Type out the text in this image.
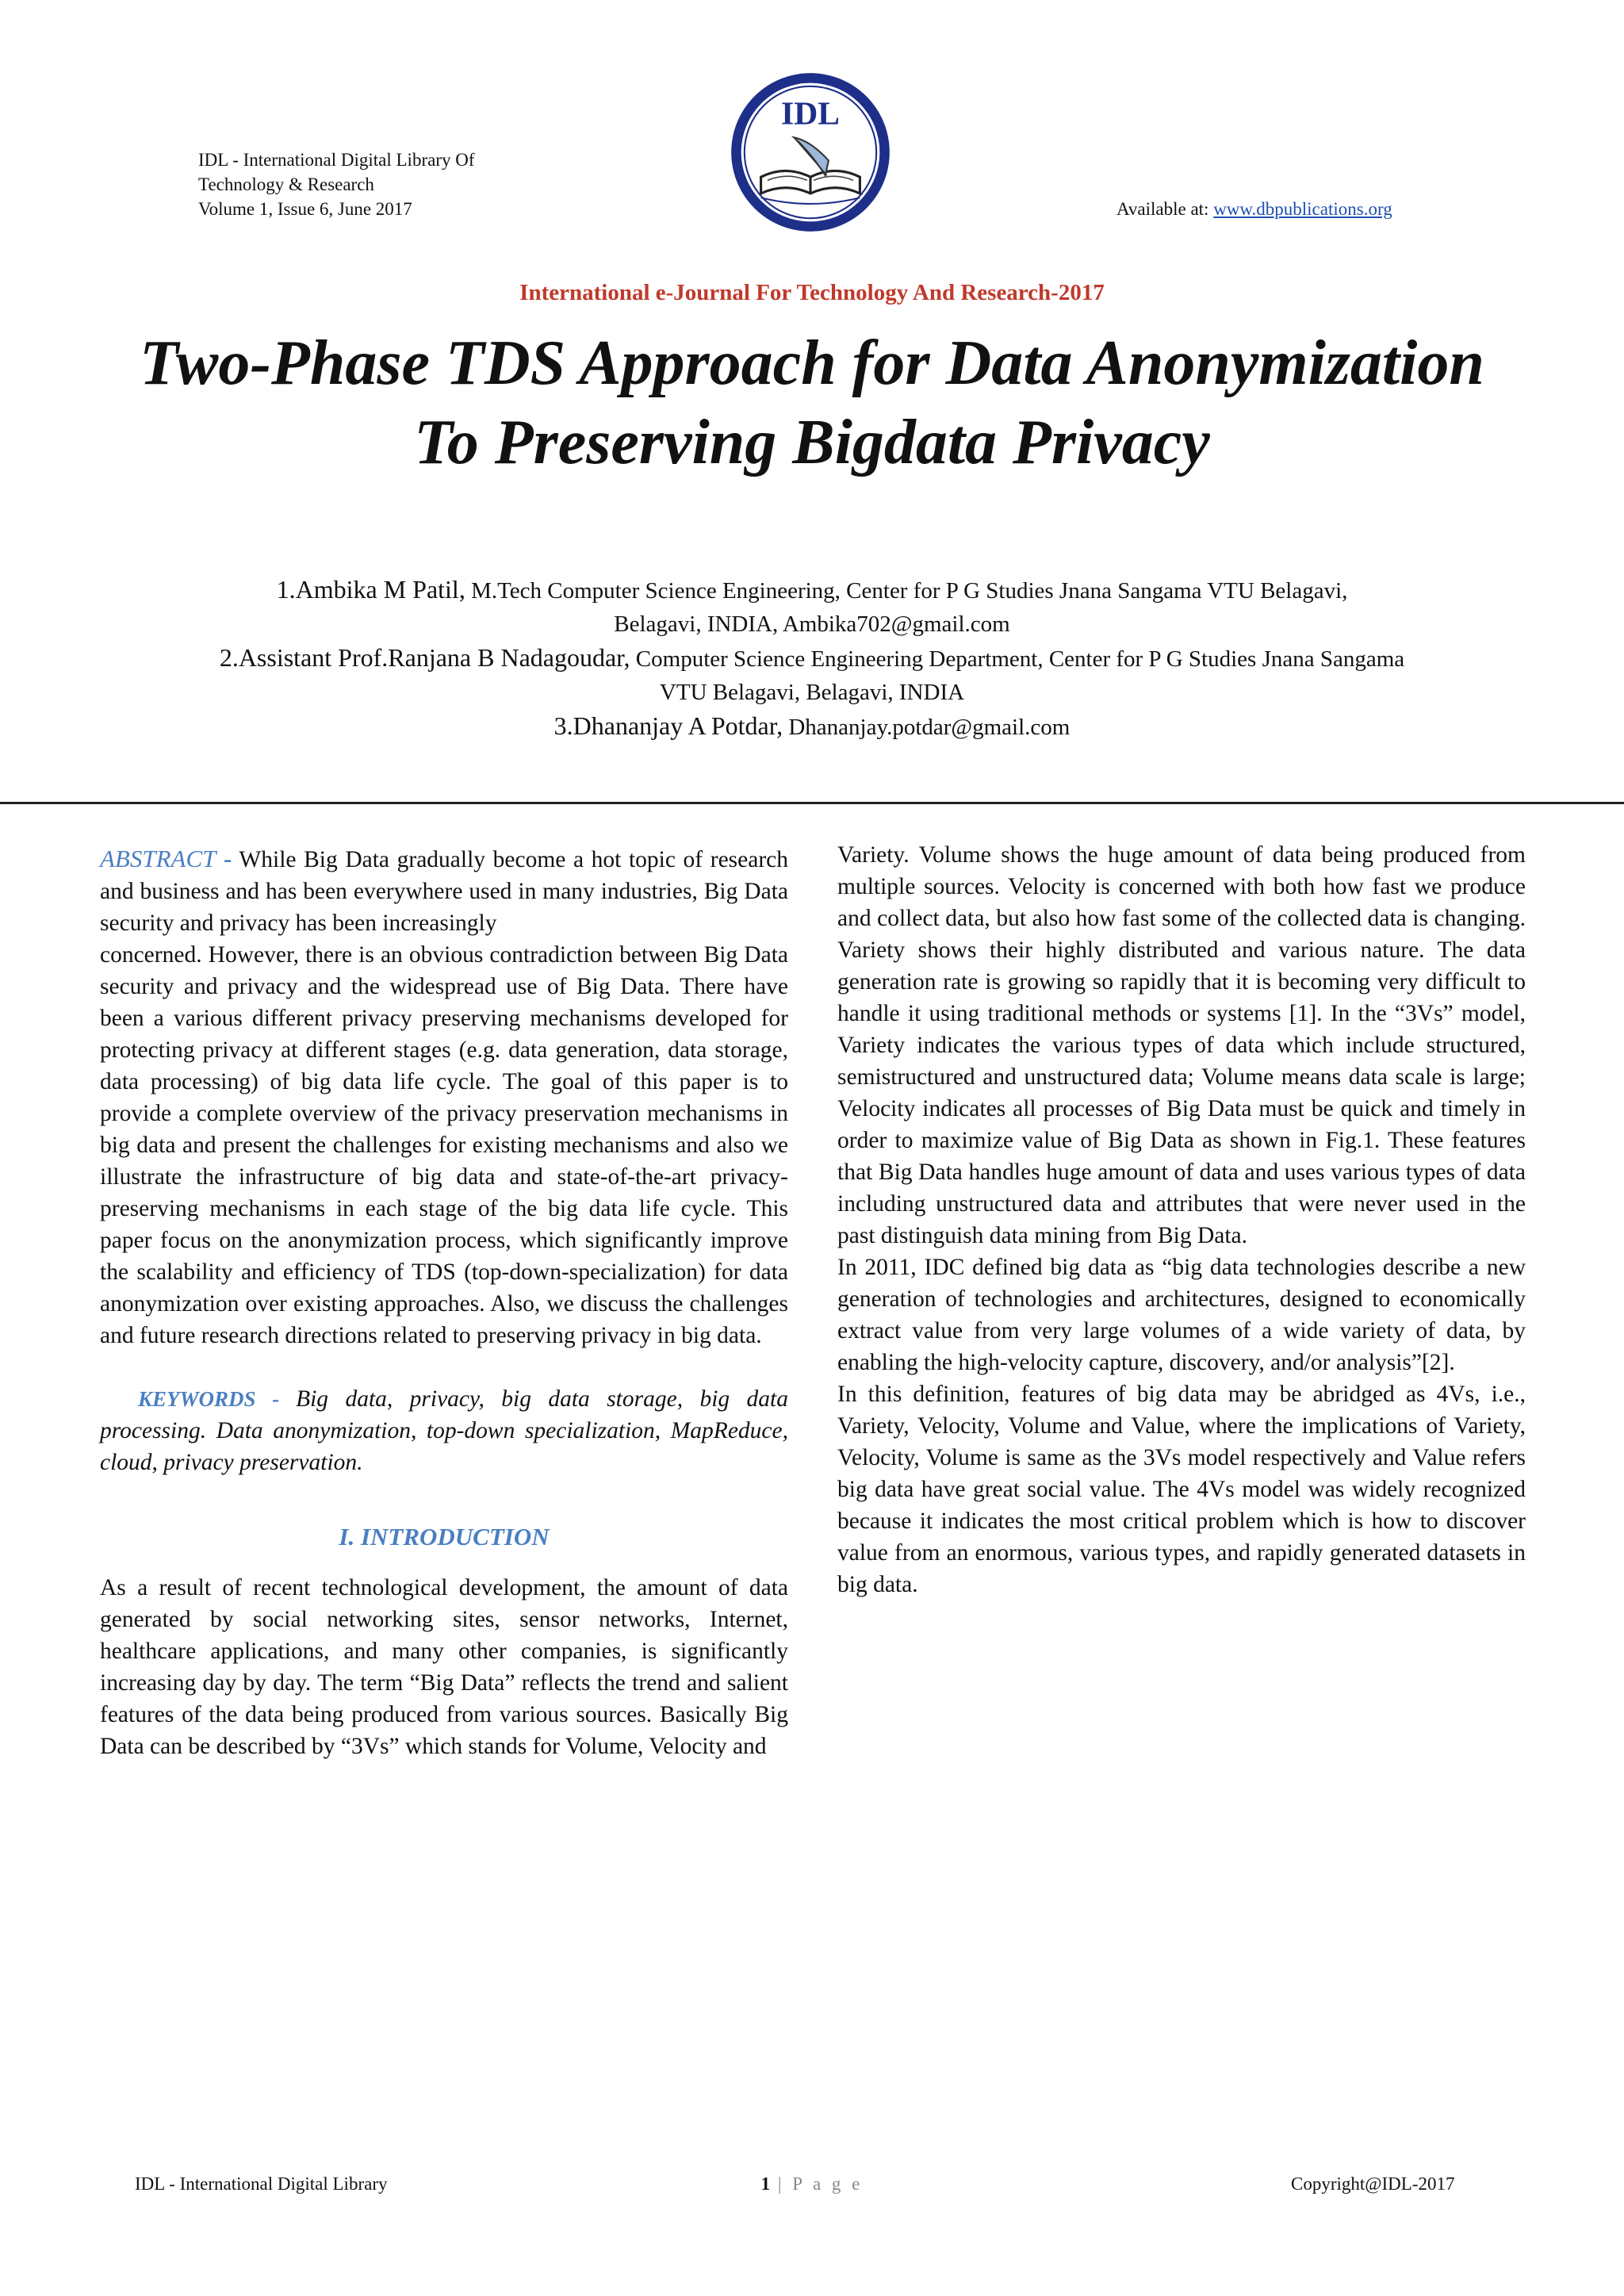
IDL - International Digital Library Of
Technology & Research
Volume 1, Issue 6, June 2017
IDL
Available at: www.dbpublications.org
International e-Journal For Technology And Research-2017
Two-Phase TDS Approach for Data Anonymization
To Preserving Bigdata Privacy
1.Ambika M Patil, M.Tech Computer Science Engineering, Center for P G Studies Jnana Sangama VTU Belagavi,
Belagavi, INDIA, Ambika702@gmail.com
2.Assistant Prof.Ranjana B Nadagoudar, Computer Science Engineering Department, Center for P G Studies Jnana Sangama
VTU Belagavi, Belagavi, INDIA
3.Dhananjay A Potdar, Dhananjay.potdar@gmail.com

ABSTRACT - While Big Data gradually become a hot topic of research and business and has been everywhere used in many industries, Big Data security and privacy has been increasingly

concerned. However, there is an obvious contradiction between Big Data security and privacy and the widespread use of Big Data. There have been a various different privacy preserving mechanisms developed for protecting privacy at different stages (e.g. data generation, data storage, data processing) of big data life cycle. The goal of this paper is to provide a complete overview of the privacy preservation mechanisms in big data and present the challenges for existing mechanisms and also we illustrate the infrastructure of big data and state-of-the-art privacy-preserving mechanisms in each stage of the big data life cycle. This paper focus on the anonymization process, which significantly improve the scalability and efficiency of TDS (top-down-specialization) for data anonymization over existing approaches. Also, we discuss the challenges and future research directions related to preserving privacy in big data.

KEYWORDS - Big data, privacy, big data storage, big data processing. Data anonymization, top-down specialization, MapReduce, cloud, privacy preservation.

I. INTRODUCTION

As a result of recent technological development, the amount of data generated by social networking sites, sensor networks, Internet, healthcare applications, and many other companies, is significantly increasing day by day. The term “Big Data” reflects the trend and salient features of the data being produced from various sources. Basically Big Data can be described by “3Vs” which stands for Volume, Velocity and

Variety. Volume shows the huge amount of data being produced from multiple sources. Velocity is concerned with both how fast we produce and collect data, but also how fast some of the collected data is changing. Variety shows their highly distributed and various nature. The data generation rate is growing so rapidly that it is becoming very difficult to handle it using traditional methods or systems [1]. In the “3Vs” model, Variety indicates the various types of data which include structured, semistructured and unstructured data; Volume means data scale is large; Velocity indicates all processes of Big Data must be quick and timely in order to maximize value of Big Data as shown in Fig.1. These features that Big Data handles huge amount of data and uses various types of data including unstructured data and attributes that were never used in the past distinguish data mining from Big Data.

In 2011, IDC defined big data as “big data technologies describe a new generation of technologies and architectures, designed to economically extract value from very large volumes of a wide variety of data, by enabling the high-velocity capture, discovery, and/or analysis”[2].

In this definition, features of big data may be abridged as 4Vs, i.e., Variety, Velocity, Volume and Value, where the implications of Variety, Velocity, Volume is same as the 3Vs model respectively and Value refers big data have great social value. The 4Vs model was widely recognized because it indicates the most critical problem which is how to discover value from an enormous, various types, and rapidly generated datasets in big data.

IDL - International Digital Library	1 | P a g e	Copyright@IDL-2017
